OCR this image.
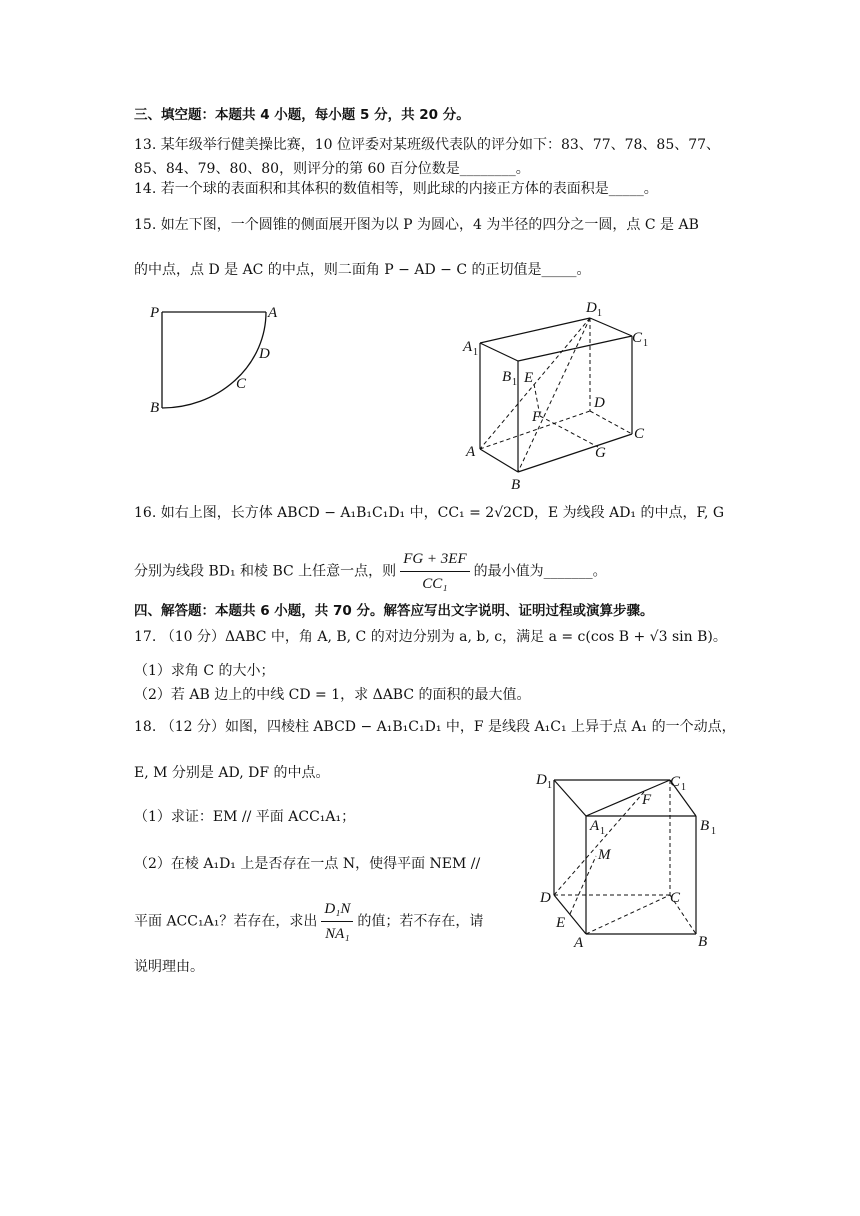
三、填空题：本题共 4 小题，每小题 5 分，共 20 分。
13. 某年级举行健美操比赛，10 位评委对某班级代表队的评分如下：83、77、78、85、77、
85、84、79、80、80，则评分的第 60 百分位数是________。
14. 若一个球的表面积和其体积的数值相等，则此球的内接正方体的表面积是_____。
15. 如左下图，一个圆锥的侧面展开图为以 P 为圆心，4 为半径的四分之一圆，点 C 是 AB
的中点，点 D 是 AC 的中点，则二面角 P − AD − C 的正切值是_____。
P	A
D
C
B
D 1
C 1
A 1
B 1 E
F
D
C
A	G
B
16. 如右上图，长方体 ABCD − A₁B₁C₁D₁ 中，CC₁ = 2√2CD，E 为线段 AD₁ 的中点，F, G
分别为线段 BD₁ 和棱 BC 上任意一点，则 $\frac{FG + 3EF}{\text{CC₁}}$ 的最小值为_______。
四、解答题：本题共 6 小题，共 70 分。解答应写出文字说明、证明过程或演算步骤。
17. （10 分）ΔABC 中，角 A, B, C 的对边分别为 a, b, c，满足 a = c(cos B + √3 sin B)。
（1）求角 C 的大小；
（2）若 AB 边上的中线 CD = 1，求 ΔABC 的面积的最大值。
18. （12 分）如图，四棱柱 ABCD − A₁B₁C₁D₁ 中，F 是线段 A₁C₁ 上异于点 A₁ 的一个动点，
E, M 分别是 AD, DF 的中点。
（1）求证：EM // 平面 ACC₁A₁；
（2）在棱 A₁D₁ 上是否存在一点 N，使得平面 NEM //
平面 ACC₁A₁？若存在，求出 $\frac{\text{D₁N}}{\text{NA₁}}$ 的值；若不存在，请
说明理由。
D 1	C 1
F
A 1	B 1
M
D	C
E
A	B
